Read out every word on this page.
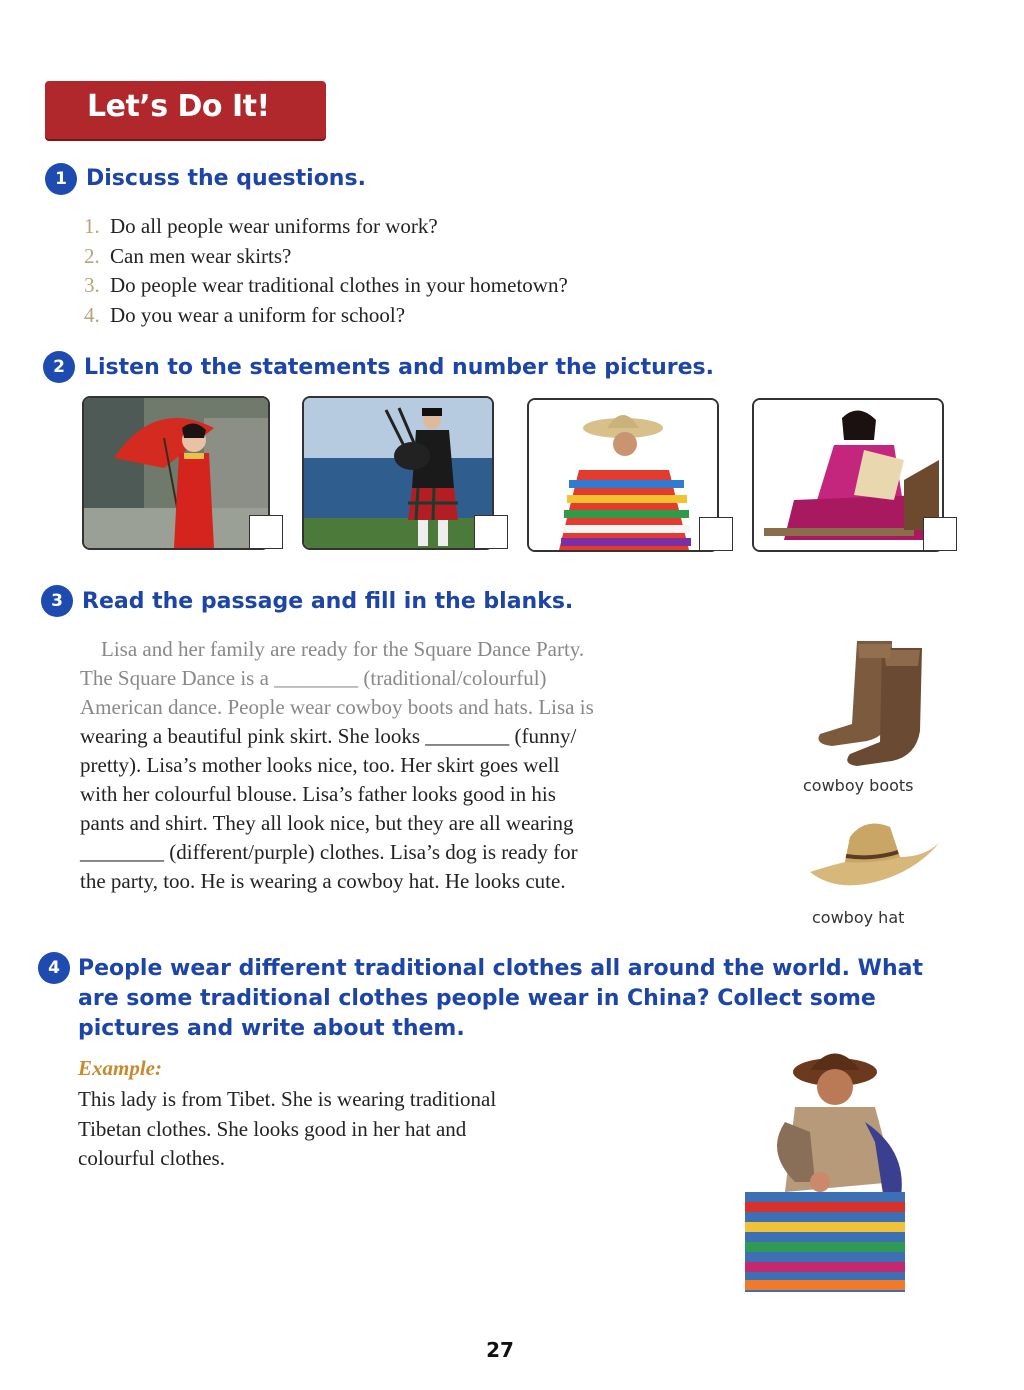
Let’s Do It!
1 Discuss the questions.
1. Do all people wear uniforms for work?
2. Can men wear skirts?
3. Do people wear traditional clothes in your hometown?
4. Do you wear a uniform for school?
2 Listen to the statements and number the pictures.
3 Read the passage and fill in the blanks.
Lisa and her family are ready for the Square Dance Party.
The Square Dance is a ________ (traditional/colourful)
American dance. People wear cowboy boots and hats. Lisa is
wearing a beautiful pink skirt. She looks ________ (funny/
pretty). Lisa’s mother looks nice, too. Her skirt goes well
with her colourful blouse. Lisa’s father looks good in his
pants and shirt. They all look nice, but they are all wearing
________ (different/purple) clothes. Lisa’s dog is ready for
the party, too. He is wearing a cowboy hat. He looks cute.
cowboy boots
cowboy hat
4 People wear different traditional clothes all around the world. What
are some traditional clothes people wear in China? Collect some
pictures and write about them.
Example:
This lady is from Tibet. She is wearing traditional
Tibetan clothes. She looks good in her hat and
colourful clothes.
27
